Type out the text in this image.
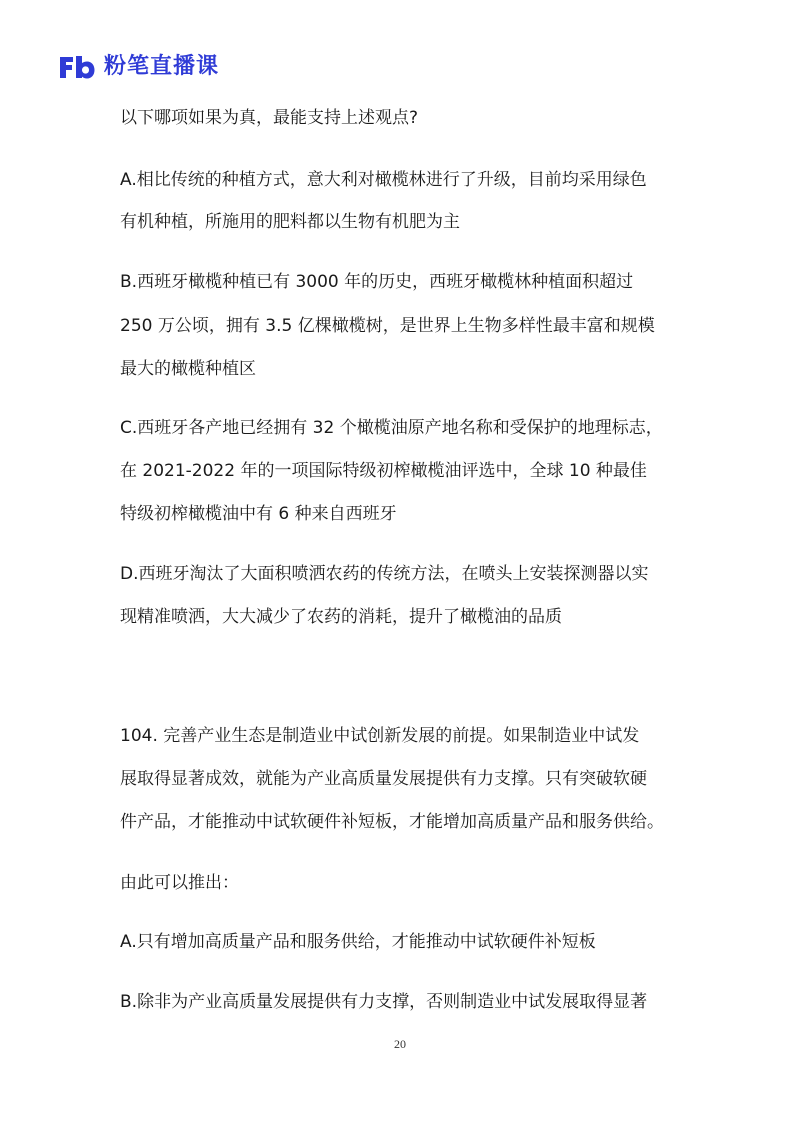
粉笔直播课
以下哪项如果为真，最能支持上述观点?
A.相比传统的种植方式，意大利对橄榄林进行了升级，目前均采用绿色
有机种植，所施用的肥料都以生物有机肥为主
B.西班牙橄榄种植已有 3000 年的历史，西班牙橄榄林种植面积超过
250 万公顷，拥有 3.5 亿棵橄榄树，是世界上生物多样性最丰富和规模
最大的橄榄种植区
C.西班牙各产地已经拥有 32 个橄榄油原产地名称和受保护的地理标志，
在 2021-2022 年的一项国际特级初榨橄榄油评选中，全球 10 种最佳
特级初榨橄榄油中有 6 种来自西班牙
D.西班牙淘汰了大面积喷洒农药的传统方法，在喷头上安装探测器以实
现精准喷洒，大大减少了农药的消耗，提升了橄榄油的品质
104. 完善产业生态是制造业中试创新发展的前提。如果制造业中试发
展取得显著成效，就能为产业高质量发展提供有力支撑。只有突破软硬
件产品，才能推动中试软硬件补短板，才能增加高质量产品和服务供给。
由此可以推出：
A.只有增加高质量产品和服务供给，才能推动中试软硬件补短板
B.除非为产业高质量发展提供有力支撑，否则制造业中试发展取得显著
20
